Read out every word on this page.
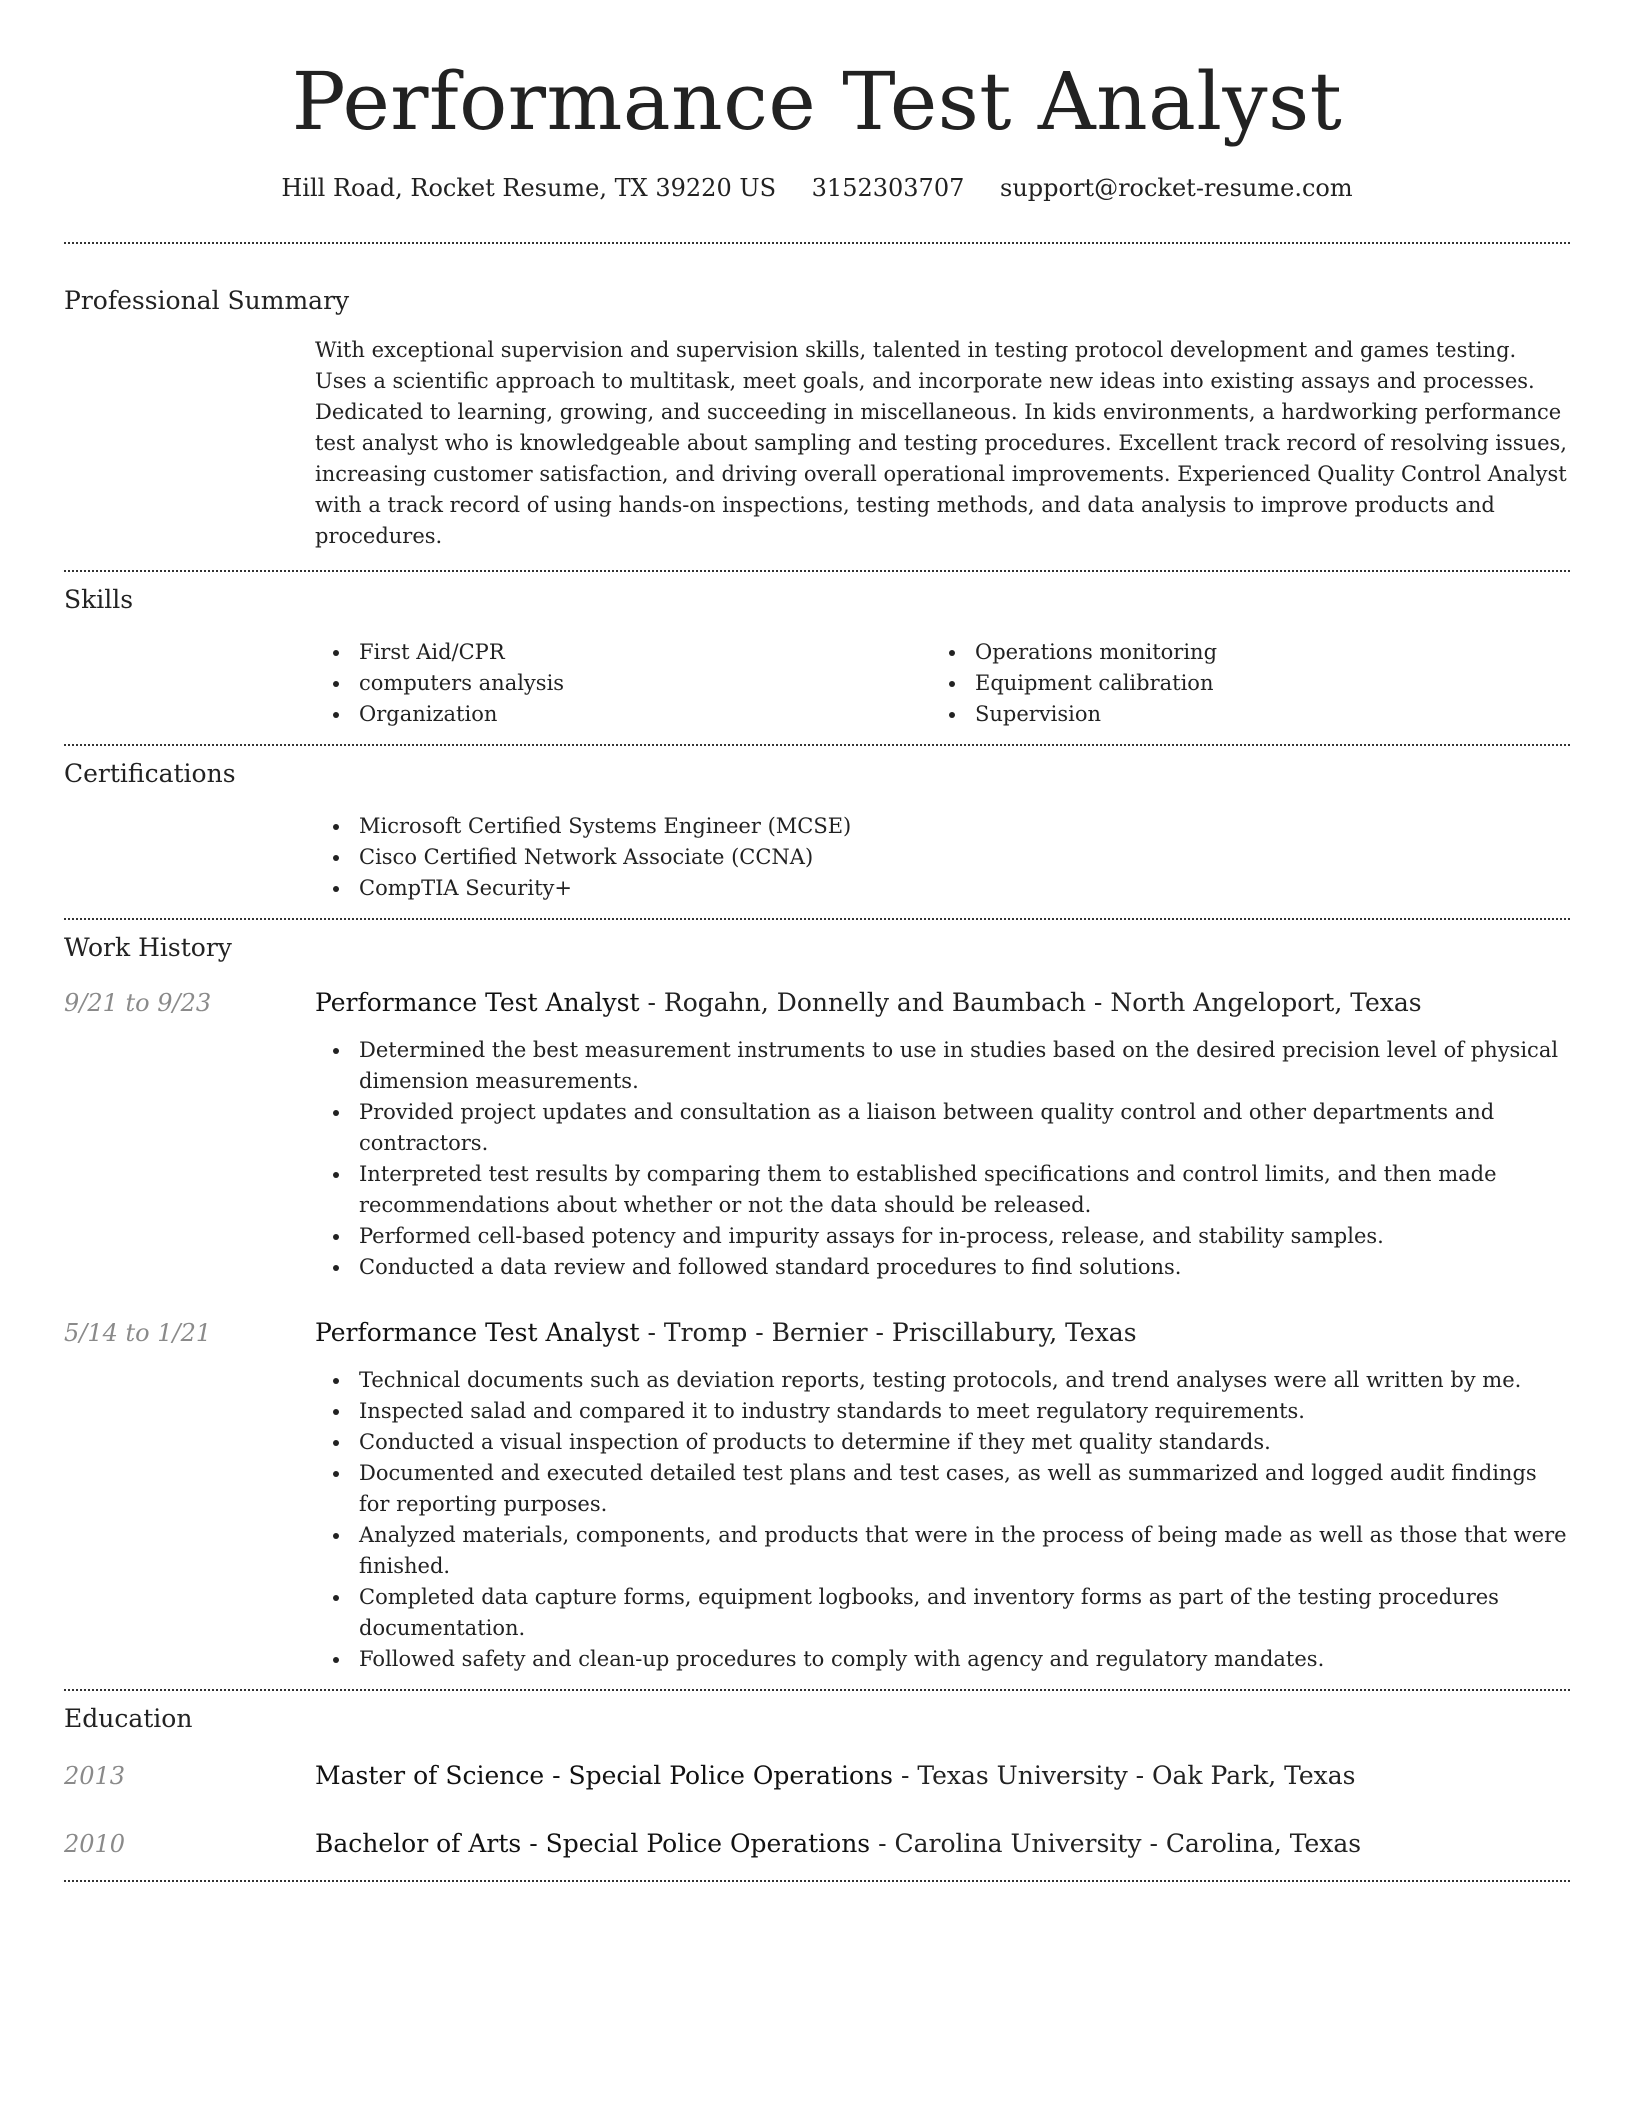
Performance Test Analyst
Hill Road, Rocket Resume, TX 39220 US 3152303707 support@rocket-resume.com
Professional Summary

With exceptional supervision and supervision skills, talented in testing protocol development and games testing. Uses a scientific approach to multitask, meet goals, and incorporate new ideas into existing assays and processes. Dedicated to learning, growing, and succeeding in miscellaneous. In kids environments, a hardworking performance test analyst who is knowledgeable about sampling and testing procedures. Excellent track record of resolving issues, increasing customer satisfaction, and driving overall operational improvements. Experienced Quality Control Analyst with a track record of using hands-on inspections, testing methods, and data analysis to improve products and procedures.

Skills
First Aid/CPR
computers analysis
Organization
Operations monitoring
Equipment calibration
Supervision
Certifications
Microsoft Certified Systems Engineer (MCSE)
Cisco Certified Network Associate (CCNA)
CompTIA Security+
Work History
9/21 to 9/23	Performance Test Analyst - Rogahn, Donnelly and Baumbach - North Angeloport, Texas
Determined the best measurement instruments to use in studies based on the desired precision level of physical dimension measurements.
Provided project updates and consultation as a liaison between quality control and other departments and contractors.
Interpreted test results by comparing them to established specifications and control limits, and then made recommendations about whether or not the data should be released.
Performed cell-based potency and impurity assays for in-process, release, and stability samples.
Conducted a data review and followed standard procedures to find solutions.
5/14 to 1/21	Performance Test Analyst - Tromp - Bernier - Priscillabury, Texas
Technical documents such as deviation reports, testing protocols, and trend analyses were all written by me.
Inspected salad and compared it to industry standards to meet regulatory requirements.
Conducted a visual inspection of products to determine if they met quality standards.
Documented and executed detailed test plans and test cases, as well as summarized and logged audit findings for reporting purposes.
Analyzed materials, components, and products that were in the process of being made as well as those that were finished.
Completed data capture forms, equipment logbooks, and inventory forms as part of the testing procedures documentation.
Followed safety and clean-up procedures to comply with agency and regulatory mandates.
Education
2013	Master of Science - Special Police Operations - Texas University - Oak Park, Texas
2010	Bachelor of Arts - Special Police Operations - Carolina University - Carolina, Texas
